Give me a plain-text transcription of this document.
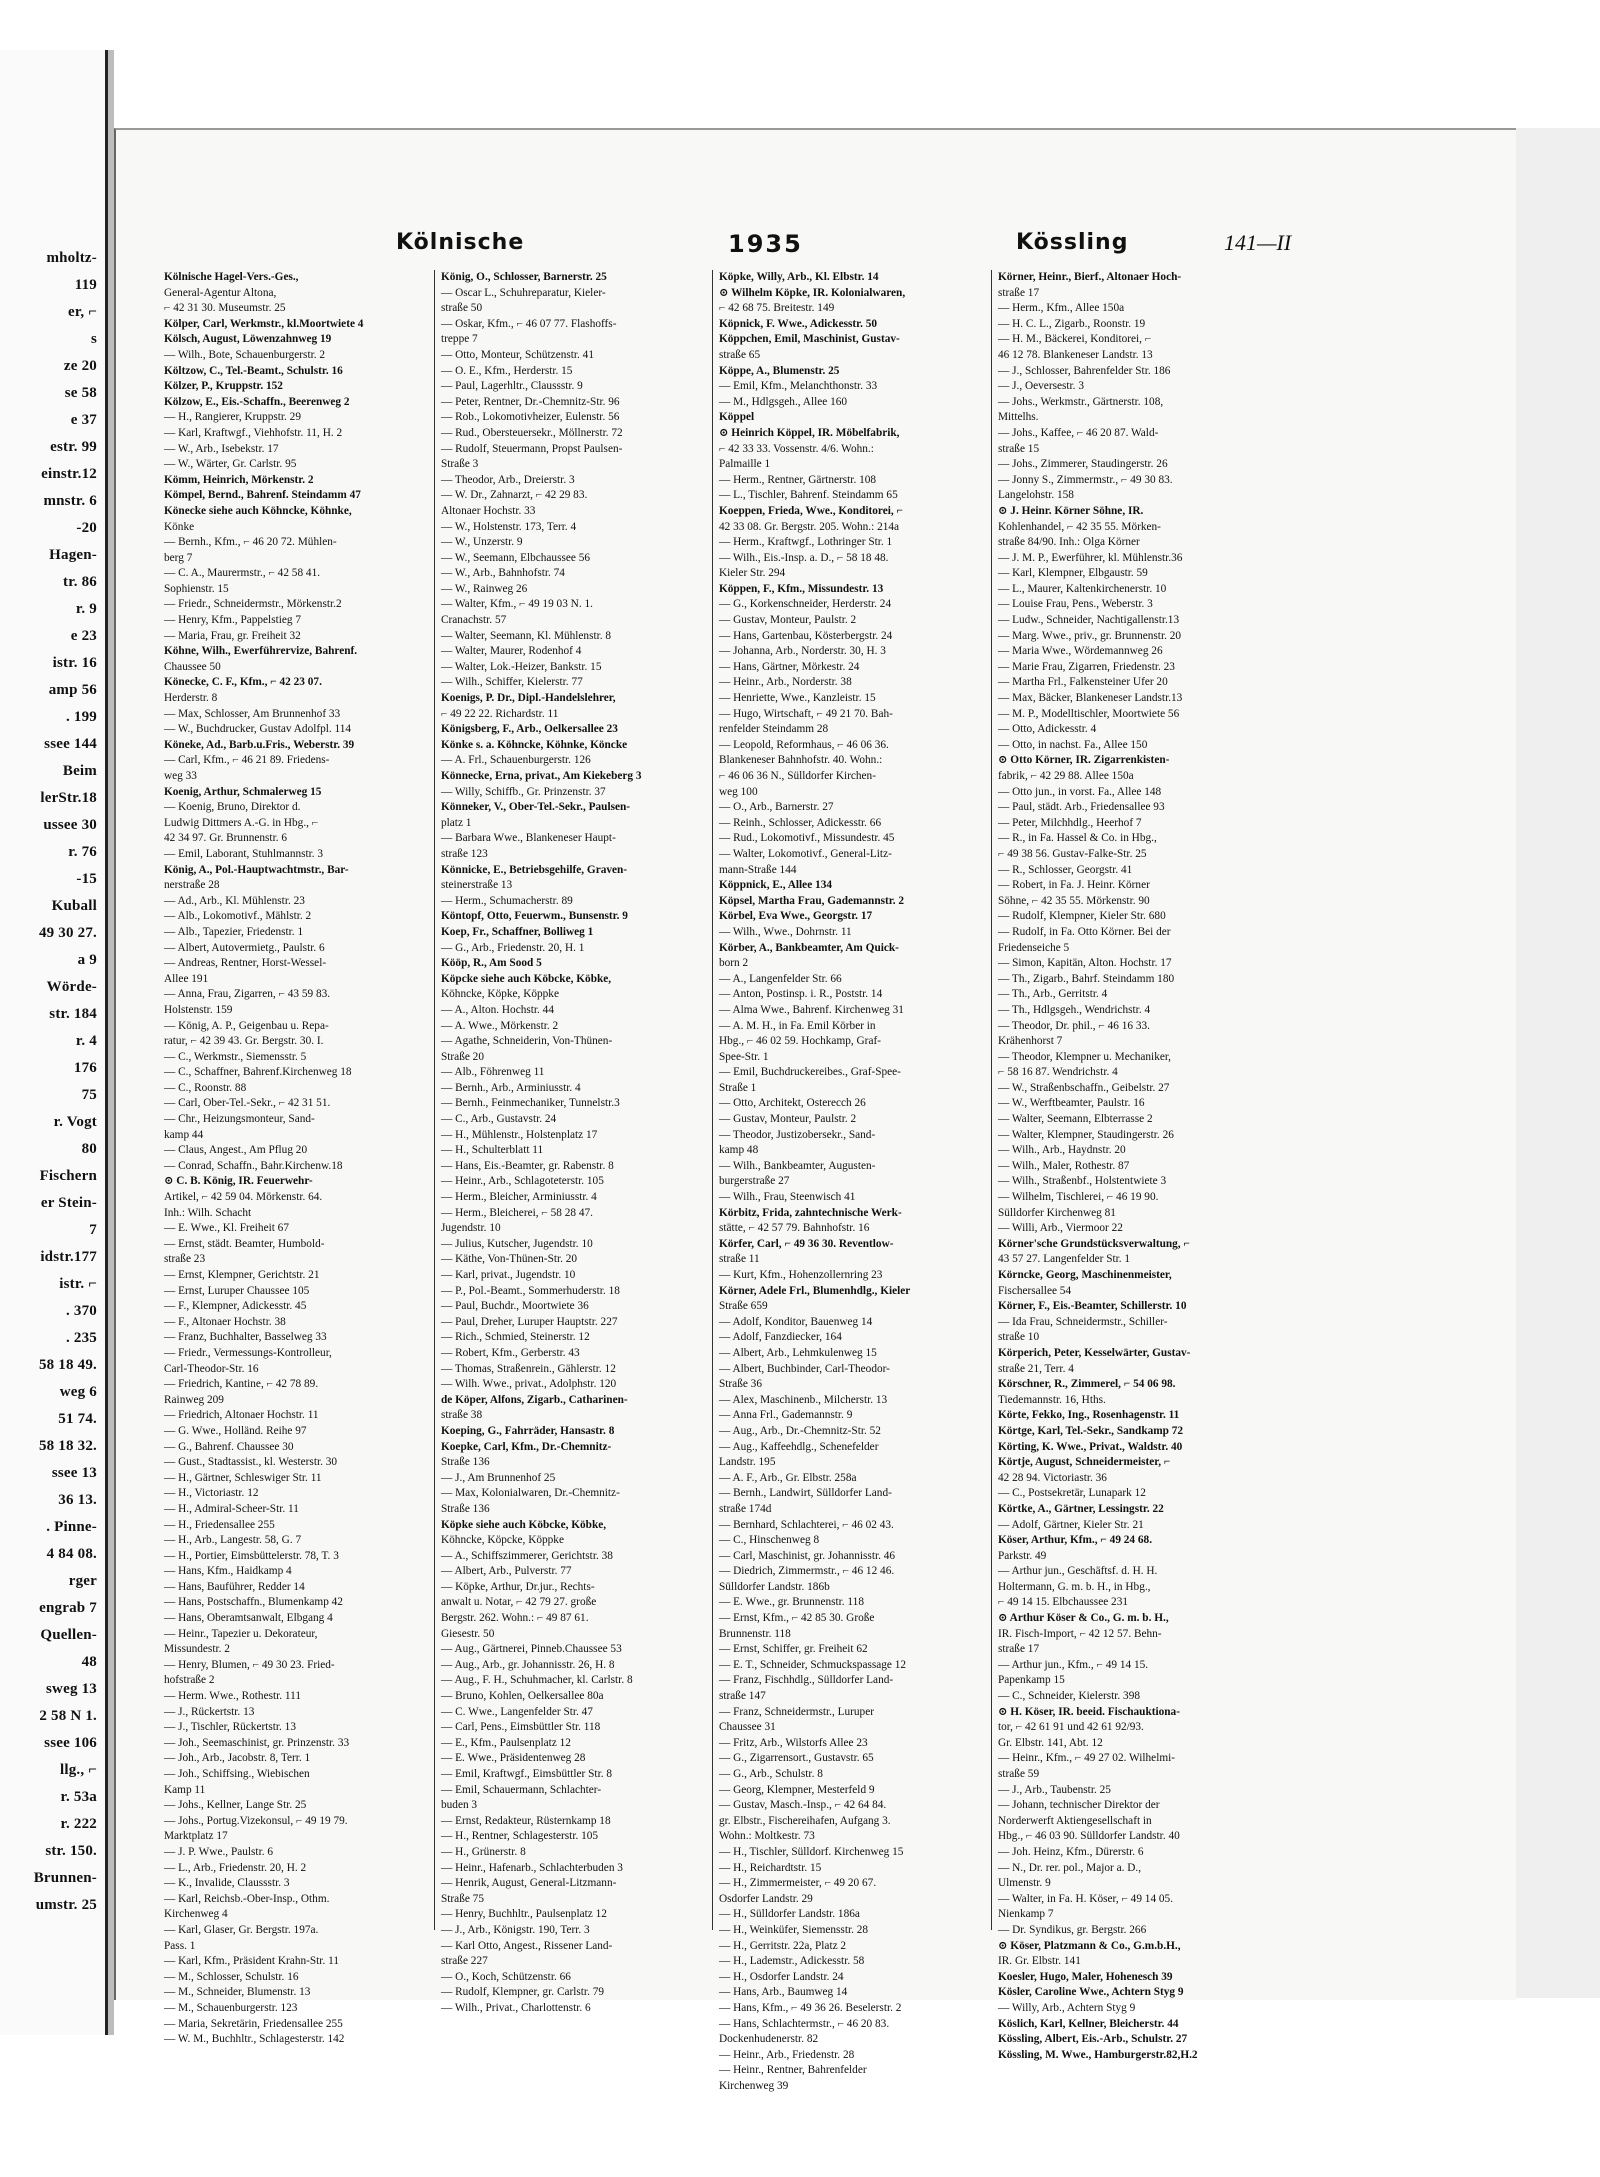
mholtz-
119
er, ⌐
s
ze 20
se 58
e 37
estr. 99
einstr.12
mnstr. 6
-20
Hagen-
tr. 86
r. 9
e 23
istr. 16
amp 56
. 199
ssee 144
Beim
lerStr.18
ussee 30
r. 76
-15
Kuball
49 30 27.
a 9
Wörde-
str. 184
r. 4
176
75
r. Vogt
80
Fischern
er Stein-
7
idstr.177
istr. ⌐
. 370
. 235
58 18 49.
weg 6
51 74.
58 18 32.
ssee 13
36 13.
. Pinne-
4 84 08.
rger
engrab 7
Quellen-
48
sweg 13
2 58 N 1.
ssee 106
llg., ⌐
r. 53a
r. 222
str. 150.
Brunnen-
umstr. 25
Kölnische	1935	Kössling	141—II
Kölnische Hagel-Vers.-Ges.,
General-Agentur Altona,
⌐ 42 31 30. Museumstr. 25
Kölper, Carl, Werkmstr., kl.Moortwiete 4
Kölsch, August, Löwenzahnweg 19
— Wilh., Bote, Schauenburgerstr. 2
Költzow, C., Tel.-Beamt., Schulstr. 16
Kölzer, P., Kruppstr. 152
Kölzow, E., Eis.-Schaffn., Beerenweg 2
— H., Rangierer, Kruppstr. 29
— Karl, Kraftwgf., Viehhofstr. 11, H. 2
— W., Arb., Isebekstr. 17
— W., Wärter, Gr. Carlstr. 95
Kömm, Heinrich, Mörkenstr. 2
Kömpel, Bernd., Bahrenf. Steindamm 47
Könecke siehe auch Köhncke, Köhnke,
Könke
— Bernh., Kfm., ⌐ 46 20 72. Mühlen-
berg 7
— C. A., Maurermstr., ⌐ 42 58 41.
Sophienstr. 15
— Friedr., Schneidermstr., Mörkenstr.2
— Henry, Kfm., Pappelstieg 7
— Maria, Frau, gr. Freiheit 32
Köhne, Wilh., Ewerführervize, Bahrenf.
Chaussee 50
Könecke, C. F., Kfm., ⌐ 42 23 07.
Herderstr. 8
— Max, Schlosser, Am Brunnenhof 33
— W., Buchdrucker, Gustav Adolfpl. 114
Köneke, Ad., Barb.u.Fris., Weberstr. 39
— Carl, Kfm., ⌐ 46 21 89. Friedens-
weg 33
Koenig, Arthur, Schmalerweg 15
— Koenig, Bruno, Direktor d.
Ludwig Dittmers A.-G. in Hbg., ⌐
42 34 97. Gr. Brunnenstr. 6
— Emil, Laborant, Stuhlmannstr. 3
König, A., Pol.-Hauptwachtmstr., Bar-
nerstraße 28
— Ad., Arb., Kl. Mühlenstr. 23
— Alb., Lokomotivf., Mählstr. 2
— Alb., Tapezier, Friedenstr. 1
— Albert, Autovermietg., Paulstr. 6
— Andreas, Rentner, Horst-Wessel-
Allee 191
— Anna, Frau, Zigarren, ⌐ 43 59 83.
Holstenstr. 159
— König, A. P., Geigenbau u. Repa-
ratur, ⌐ 42 39 43. Gr. Bergstr. 30. I.
— C., Werkmstr., Siemensstr. 5
— C., Schaffner, Bahrenf.Kirchenweg 18
— C., Roonstr. 88
— Carl, Ober-Tel.-Sekr., ⌐ 42 31 51.
— Chr., Heizungsmonteur, Sand-
kamp 44
— Claus, Angest., Am Pflug 20
— Conrad, Schaffn., Bahr.Kirchenw.18
⊙ C. B. König, IR. Feuerwehr-
Artikel, ⌐ 42 59 04. Mörkenstr. 64.
Inh.: Wilh. Schacht
— E. Wwe., Kl. Freiheit 67
— Ernst, städt. Beamter, Humbold-
straße 23
— Ernst, Klempner, Gerichtstr. 21
— Ernst, Luruper Chaussee 105
— F., Klempner, Adickesstr. 45
— F., Altonaer Hochstr. 38
— Franz, Buchhalter, Basselweg 33
— Friedr., Vermessungs-Kontrolleur,
Carl-Theodor-Str. 16
— Friedrich, Kantine, ⌐ 42 78 89.
Rainweg 209
— Friedrich, Altonaer Hochstr. 11
— G. Wwe., Holländ. Reihe 97
— G., Bahrenf. Chaussee 30
— Gust., Stadtassist., kl. Westerstr. 30
— H., Gärtner, Schleswiger Str. 11
— H., Victoriastr. 12
— H., Admiral-Scheer-Str. 11
— H., Friedensallee 255
— H., Arb., Langestr. 58, G. 7
— H., Portier, Eimsbüttelerstr. 78, T. 3
— Hans, Kfm., Haidkamp 4
— Hans, Bauführer, Redder 14
— Hans, Postschaffn., Blumenkamp 42
— Hans, Oberamtsanwalt, Elbgang 4
— Heinr., Tapezier u. Dekorateur,
Missundestr. 2
— Henry, Blumen, ⌐ 49 30 23. Fried-
hofstraße 2
— Herm. Wwe., Rothestr. 111
— J., Rückertstr. 13
— J., Tischler, Rückertstr. 13
— Joh., Seemaschinist, gr. Prinzenstr. 33
— Joh., Arb., Jacobstr. 8, Terr. 1
— Joh., Schiffsing., Wiebischen
Kamp 11
— Johs., Kellner, Lange Str. 25
— Johs., Portug.Vizekonsul, ⌐ 49 19 79.
Marktplatz 17
— J. P. Wwe., Paulstr. 6
— L., Arb., Friedenstr. 20, H. 2
— K., Invalide, Claussstr. 3
— Karl, Reichsb.-Ober-Insp., Othm.
Kirchenweg 4
— Karl, Glaser, Gr. Bergstr. 197a.
Pass. 1
— Karl, Kfm., Präsident Krahn-Str. 11
— M., Schlosser, Schulstr. 16
— M., Schneider, Blumenstr. 13
— M., Schauenburgerstr. 123
— Maria, Sekretärin, Friedensallee 255
— W. M., Buchhltr., Schlagesterstr. 142
König, O., Schlosser, Barnerstr. 25
— Oscar L., Schuhreparatur, Kieler-
straße 50
— Oskar, Kfm., ⌐ 46 07 77. Flashoffs-
treppe 7
— Otto, Monteur, Schützenstr. 41
— O. E., Kfm., Herderstr. 15
— Paul, Lagerhltr., Claussstr. 9
— Peter, Rentner, Dr.-Chemnitz-Str. 96
— Rob., Lokomotivheizer, Eulenstr. 56
— Rud., Obersteuersekr., Möllnerstr. 72
— Rudolf, Steuermann, Propst Paulsen-
Straße 3
— Theodor, Arb., Dreierstr. 3
— W. Dr., Zahnarzt, ⌐ 42 29 83.
Altonaer Hochstr. 33
— W., Holstenstr. 173, Terr. 4
— W., Unzerstr. 9
— W., Seemann, Elbchaussee 56
— W., Arb., Bahnhofstr. 74
— W., Rainweg 26
— Walter, Kfm., ⌐ 49 19 03 N. 1.
Cranachstr. 57
— Walter, Seemann, Kl. Mühlenstr. 8
— Walter, Maurer, Rodenhof 4
— Walter, Lok.-Heizer, Bankstr. 15
— Wilh., Schiffer, Kielerstr. 77
Koenigs, P. Dr., Dipl.-Handelslehrer,
⌐ 49 22 22. Richardstr. 11
Königsberg, F., Arb., Oelkersallee 23
Könke s. a. Köhncke, Köhnke, Köncke
— A. Frl., Schauenburgerstr. 126
Könnecke, Erna, privat., Am Kiekeberg 3
— Willy, Schiffb., Gr. Prinzenstr. 37
Könneker, V., Ober-Tel.-Sekr., Paulsen-
platz 1
— Barbara Wwe., Blankeneser Haupt-
straße 123
Könnicke, E., Betriebsgehilfe, Graven-
steinerstraße 13
— Herm., Schumacherstr. 89
Köntopf, Otto, Feuerwm., Bunsenstr. 9
Koep, Fr., Schaffner, Bolliweg 1
— G., Arb., Friedenstr. 20, H. 1
Kööp, R., Am Sood 5
Köpcke siehe auch Köbcke, Köbke,
Köhncke, Köpke, Köppke
— A., Alton. Hochstr. 44
— A. Wwe., Mörkenstr. 2
— Agathe, Schneiderin, Von-Thünen-
Straße 20
— Alb., Föhrenweg 11
— Bernh., Arb., Arminiusstr. 4
— Bernh., Feinmechaniker, Tunnelstr.3
— C., Arb., Gustavstr. 24
— H., Mühlenstr., Holstenplatz 17
— H., Schulterblatt 11
— Hans, Eis.-Beamter, gr. Rabenstr. 8
— Heinr., Arb., Schlagoteterstr. 105
— Herm., Bleicher, Arminiusstr. 4
— Herm., Bleicherei, ⌐ 58 28 47.
Jugendstr. 10
— Julius, Kutscher, Jugendstr. 10
— Käthe, Von-Thünen-Str. 20
— Karl, privat., Jugendstr. 10
— P., Pol.-Beamt., Sommerhuderstr. 18
— Paul, Buchdr., Moortwiete 36
— Paul, Dreher, Luruper Hauptstr. 227
— Rich., Schmied, Steinerstr. 12
— Robert, Kfm., Gerberstr. 43
— Thomas, Straßenrein., Gählerstr. 12
— Wilh. Wwe., privat., Adolphstr. 120
de Köper, Alfons, Zigarb., Catharinen-
straße 38
Koeping, G., Fahrräder, Hansastr. 8
Koepke, Carl, Kfm., Dr.-Chemnitz-
Straße 136
— J., Am Brunnenhof 25
— Max, Kolonialwaren, Dr.-Chemnitz-
Straße 136
Köpke siehe auch Köbcke, Köbke,
Köhncke, Köpcke, Köppke
— A., Schiffszimmerer, Gerichtstr. 38
— Albert, Arb., Pulverstr. 77
— Köpke, Arthur, Dr.jur., Rechts-
anwalt u. Notar, ⌐ 42 79 27. große
Bergstr. 262. Wohn.: ⌐ 49 87 61.
Giesestr. 50
— Aug., Gärtnerei, Pinneb.Chaussee 53
— Aug., Arb., gr. Johannisstr. 26, H. 8
— Aug., F. H., Schuhmacher, kl. Carlstr. 8
— Bruno, Kohlen, Oelkersallee 80a
— C. Wwe., Langenfelder Str. 47
— Carl, Pens., Eimsbüttler Str. 118
— E., Kfm., Paulsenplatz 12
— E. Wwe., Präsidentenweg 28
— Emil, Kraftwgf., Eimsbüttler Str. 8
— Emil, Schauermann, Schlachter-
buden 3
— Ernst, Redakteur, Rüsternkamp 18
— H., Rentner, Schlagesterstr. 105
— H., Grünerstr. 8
— Heinr., Hafenarb., Schlachterbuden 3
— Henrik, August, General-Litzmann-
Straße 75
— Henry, Buchhltr., Paulsenplatz 12
— J., Arb., Königstr. 190, Terr. 3
— Karl Otto, Angest., Rissener Land-
straße 227
— O., Koch, Schützenstr. 66
— Rudolf, Klempner, gr. Carlstr. 79
— Wilh., Privat., Charlottenstr. 6
Köpke, Willy, Arb., Kl. Elbstr. 14
⊙ Wilhelm Köpke, IR. Kolonialwaren,
⌐ 42 68 75. Breitestr. 149
Köpnick, F. Wwe., Adickesstr. 50
Köppchen, Emil, Maschinist, Gustav-
straße 65
Köppe, A., Blumenstr. 25
— Emil, Kfm., Melanchthonstr. 33
— M., Hdlgsgeh., Allee 160
Köppel
⊙ Heinrich Köppel, IR. Möbelfabrik,
⌐ 42 33 33. Vossenstr. 4/6. Wohn.:
Palmaille 1
— Herm., Rentner, Gärtnerstr. 108
— L., Tischler, Bahrenf. Steindamm 65
Koeppen, Frieda, Wwe., Konditorei, ⌐
42 33 08. Gr. Bergstr. 205. Wohn.: 214a
— Herm., Kraftwgf., Lothringer Str. 1
— Wilh., Eis.-Insp. a. D., ⌐ 58 18 48.
Kieler Str. 294
Köppen, F., Kfm., Missundestr. 13
— G., Korkenschneider, Herderstr. 24
— Gustav, Monteur, Paulstr. 2
— Hans, Gartenbau, Kösterbergstr. 24
— Johanna, Arb., Norderstr. 30, H. 3
— Hans, Gärtner, Mörkestr. 24
— Heinr., Arb., Norderstr. 38
— Henriette, Wwe., Kanzleistr. 15
— Hugo, Wirtschaft, ⌐ 49 21 70. Bah-
renfelder Steindamm 28
— Leopold, Reformhaus, ⌐ 46 06 36.
Blankeneser Bahnhofstr. 40. Wohn.:
⌐ 46 06 36 N., Sülldorfer Kirchen-
weg 100
— O., Arb., Barnerstr. 27
— Reinh., Schlosser, Adickesstr. 66
— Rud., Lokomotivf., Missundestr. 45
— Walter, Lokomotivf., General-Litz-
mann-Straße 144
Köppnick, E., Allee 134
Köpsel, Martha Frau, Gademannstr. 2
Körbel, Eva Wwe., Georgstr. 17
— Wilh., Wwe., Dohrnstr. 11
Körber, A., Bankbeamter, Am Quick-
born 2
— A., Langenfelder Str. 66
— Anton, Postinsp. i. R., Poststr. 14
— Alma Wwe., Bahrenf. Kirchenweg 31
— A. M. H., in Fa. Emil Körber in
Hbg., ⌐ 46 02 59. Hochkamp, Graf-
Spee-Str. 1
— Emil, Buchdruckereibes., Graf-Spee-
Straße 1
— Otto, Architekt, Osterecch 26
— Gustav, Monteur, Paulstr. 2
— Theodor, Justizobersekr., Sand-
kamp 48
— Wilh., Bankbeamter, Augusten-
burgerstraße 27
— Wilh., Frau, Steenwisch 41
Körbitz, Frida, zahntechnische Werk-
stätte, ⌐ 42 57 79. Bahnhofstr. 16
Körfer, Carl, ⌐ 49 36 30. Reventlow-
straße 11
— Kurt, Kfm., Hohenzollernring 23
Körner, Adele Frl., Blumenhdlg., Kieler
Straße 659
— Adolf, Konditor, Bauenweg 14
— Adolf, Fanzdiecker, 164
— Albert, Arb., Lehmkulenweg 15
— Albert, Buchbinder, Carl-Theodor-
Straße 36
— Alex, Maschinenb., Milcherstr. 13
— Anna Frl., Gademannstr. 9
— Aug., Arb., Dr.-Chemnitz-Str. 52
— Aug., Kaffeehdlg., Schenefelder
Landstr. 195
— A. F., Arb., Gr. Elbstr. 258a
— Bernh., Landwirt, Sülldorfer Land-
straße 174d
— Bernhard, Schlachterei, ⌐ 46 02 43.
— C., Hinschenweg 8
— Carl, Maschinist, gr. Johannisstr. 46
— Diedrich, Zimmermstr., ⌐ 46 12 46.
Sülldorfer Landstr. 186b
— E. Wwe., gr. Brunnenstr. 118
— Ernst, Kfm., ⌐ 42 85 30. Große
Brunnenstr. 118
— Ernst, Schiffer, gr. Freiheit 62
— E. T., Schneider, Schmuckspassage 12
— Franz, Fischhdlg., Sülldorfer Land-
straße 147
— Franz, Schneidermstr., Luruper
Chaussee 31
— Fritz, Arb., Wilstorfs Allee 23
— G., Zigarrensort., Gustavstr. 65
— G., Arb., Schulstr. 8
— Georg, Klempner, Mesterfeld 9
— Gustav, Masch.-Insp., ⌐ 42 64 84.
gr. Elbstr., Fischereihafen, Aufgang 3.
Wohn.: Moltkestr. 73
— H., Tischler, Sülldorf. Kirchenweg 15
— H., Reichardtstr. 15
— H., Zimmermeister, ⌐ 49 20 67.
Osdorfer Landstr. 29
— H., Sülldorfer Landstr. 186a
— H., Weinküfer, Siemensstr. 28
— H., Gerritstr. 22a, Platz 2
— H., Lademstr., Adickesstr. 58
— H., Osdorfer Landstr. 24
— Hans, Arb., Baumweg 14
— Hans, Kfm., ⌐ 49 36 26. Beselerstr. 2
— Hans, Schlachtermstr., ⌐ 46 20 83.
Dockenhudenerstr. 82
— Heinr., Arb., Friedenstr. 28
— Heinr., Rentner, Bahrenfelder
Kirchenweg 39
Körner, Heinr., Bierf., Altonaer Hoch-
straße 17
— Herm., Kfm., Allee 150a
— H. C. L., Zigarb., Roonstr. 19
— H. M., Bäckerei, Konditorei, ⌐
46 12 78. Blankeneser Landstr. 13
— J., Schlosser, Bahrenfelder Str. 186
— J., Oeversestr. 3
— Johs., Werkmstr., Gärtnerstr. 108,
Mittelhs.
— Johs., Kaffee, ⌐ 46 20 87. Wald-
straße 15
— Johs., Zimmerer, Staudingerstr. 26
— Jonny S., Zimmermstr., ⌐ 49 30 83.
Langelohstr. 158
⊙ J. Heinr. Körner Söhne, IR.
Kohlenhandel, ⌐ 42 35 55. Mörken-
straße 84/90. Inh.: Olga Körner
— J. M. P., Ewerführer, kl. Mühlenstr.36
— Karl, Klempner, Elbgaustr. 59
— L., Maurer, Kaltenkirchenerstr. 10
— Louise Frau, Pens., Weberstr. 3
— Ludw., Schneider, Nachtigallenstr.13
— Marg. Wwe., priv., gr. Brunnenstr. 20
— Maria Wwe., Wördemannweg 26
— Marie Frau, Zigarren, Friedenstr. 23
— Martha Frl., Falkensteiner Ufer 20
— Max, Bäcker, Blankeneser Landstr.13
— M. P., Modelltischler, Moortwiete 56
— Otto, Adickesstr. 4
— Otto, in nachst. Fa., Allee 150
⊙ Otto Körner, IR. Zigarrenkisten-
fabrik, ⌐ 42 29 88. Allee 150a
— Otto jun., in vorst. Fa., Allee 148
— Paul, städt. Arb., Friedensallee 93
— Peter, Milchhdlg., Heerhof 7
— R., in Fa. Hassel & Co. in Hbg.,
⌐ 49 38 56. Gustav-Falke-Str. 25
— R., Schlosser, Georgstr. 41
— Robert, in Fa. J. Heinr. Körner
Söhne, ⌐ 42 35 55. Mörkenstr. 90
— Rudolf, Klempner, Kieler Str. 680
— Rudolf, in Fa. Otto Körner. Bei der
Friedenseiche 5
— Simon, Kapitän, Alton. Hochstr. 17
— Th., Zigarb., Bahrf. Steindamm 180
— Th., Arb., Gerritstr. 4
— Th., Hdlgsgeh., Wendrichstr. 4
— Theodor, Dr. phil., ⌐ 46 16 33.
Krähenhorst 7
— Theodor, Klempner u. Mechaniker,
⌐ 58 16 87. Wendrichstr. 4
— W., Straßenbschaffn., Geibelstr. 27
— W., Werftbeamter, Paulstr. 16
— Walter, Seemann, Elbterrasse 2
— Walter, Klempner, Staudingerstr. 26
— Wilh., Arb., Haydnstr. 20
— Wilh., Maler, Rothestr. 87
— Wilh., Straßenbf., Holstentwiete 3
— Wilhelm, Tischlerei, ⌐ 46 19 90.
Sülldorfer Kirchenweg 81
— Willi, Arb., Viermoor 22
Körner'sche Grundstücksverwaltung, ⌐
43 57 27. Langenfelder Str. 1
Körncke, Georg, Maschinenmeister,
Fischersallee 54
Körner, F., Eis.-Beamter, Schillerstr. 10
— Ida Frau, Schneidermstr., Schiller-
straße 10
Körperich, Peter, Kesselwärter, Gustav-
straße 21, Terr. 4
Körschner, R., Zimmerel, ⌐ 54 06 98.
Tiedemannstr. 16, Hths.
Körte, Fekko, Ing., Rosenhagenstr. 11
Körtge, Karl, Tel.-Sekr., Sandkamp 72
Körting, K. Wwe., Privat., Waldstr. 40
Körtje, August, Schneidermeister, ⌐
42 28 94. Victoriastr. 36
— C., Postsekretär, Lunapark 12
Körtke, A., Gärtner, Lessingstr. 22
— Adolf, Gärtner, Kieler Str. 21
Köser, Arthur, Kfm., ⌐ 49 24 68.
Parkstr. 49
— Arthur jun., Geschäftsf. d. H. H.
Holtermann, G. m. b. H., in Hbg.,
⌐ 49 14 15. Elbchaussee 231
⊙ Arthur Köser & Co., G. m. b. H.,
IR. Fisch-Import, ⌐ 42 12 57. Behn-
straße 17
— Arthur jun., Kfm., ⌐ 49 14 15.
Papenkamp 15
— C., Schneider, Kielerstr. 398
⊙ H. Köser, IR. beeid. Fischauktiona-
tor, ⌐ 42 61 91 und 42 61 92/93.
Gr. Elbstr. 141, Abt. 12
— Heinr., Kfm., ⌐ 49 27 02. Wilhelmi-
straße 59
— J., Arb., Taubenstr. 25
— Johann, technischer Direktor der
Norderwerft Aktiengesellschaft in
Hbg., ⌐ 46 03 90. Sülldorfer Landstr. 40
— Joh. Heinz, Kfm., Dürerstr. 6
— N., Dr. rer. pol., Major a. D.,
Ulmenstr. 9
— Walter, in Fa. H. Köser, ⌐ 49 14 05.
Nienkamp 7
— Dr. Syndikus, gr. Bergstr. 266
⊙ Köser, Platzmann & Co., G.m.b.H.,
IR. Gr. Elbstr. 141
Koesler, Hugo, Maler, Hohenesch 39
Kösler, Caroline Wwe., Achtern Styg 9
— Willy, Arb., Achtern Styg 9
Köslich, Karl, Kellner, Bleicherstr. 44
Kössling, Albert, Eis.-Arb., Schulstr. 27
Kössling, M. Wwe., Hamburgerstr.82,H.2
